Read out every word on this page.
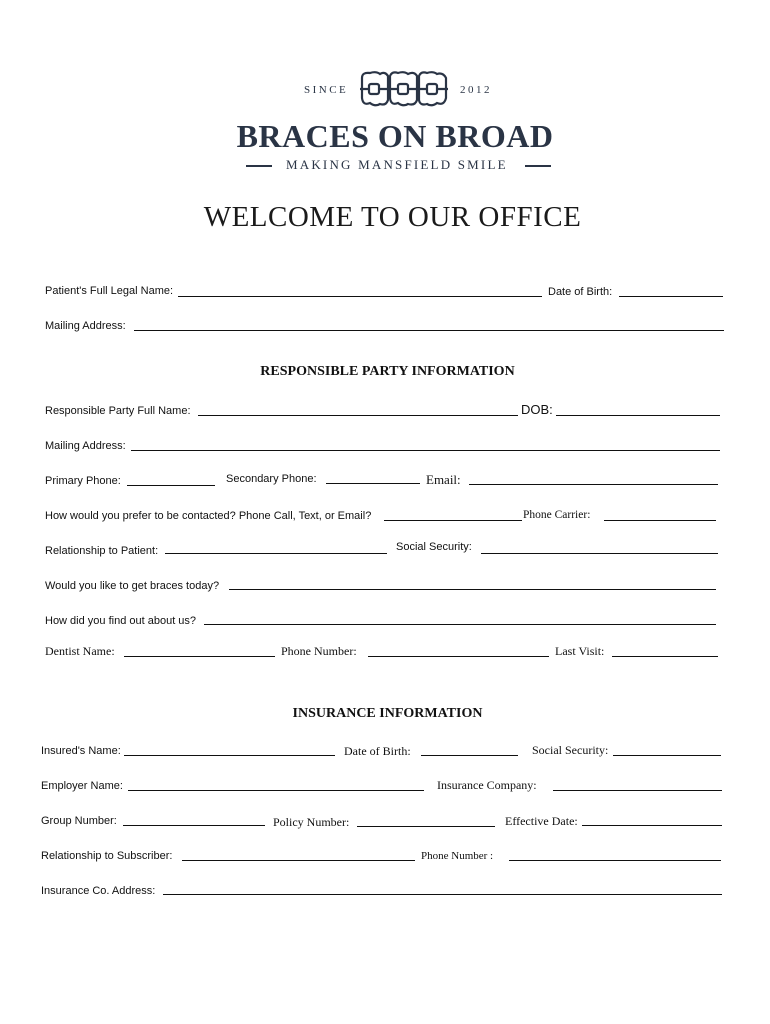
SINCE	2012
BRACES ON BROAD
MAKING MANSFIELD SMILE
WELCOME TO OUR OFFICE
Patient's Full Legal Name:	Date of Birth:
Mailing Address:
RESPONSIBLE PARTY INFORMATION
Responsible Party Full Name:	DOB:
Mailing Address:
Primary Phone:	Secondary Phone:	Email:
How would you prefer to be contacted? Phone Call, Text, or Email?	Phone Carrier:
Relationship to Patient:	Social Security:
Would you like to get braces today?
How did you find out about us?
Dentist Name:	Phone Number:	Last Visit:
INSURANCE INFORMATION
Insured's Name:	Date of Birth:	Social Security:
Employer Name:	Insurance Company:
Group Number:	Policy Number:	Effective Date:
Relationship to Subscriber:	Phone Number :
Insurance Co. Address:
